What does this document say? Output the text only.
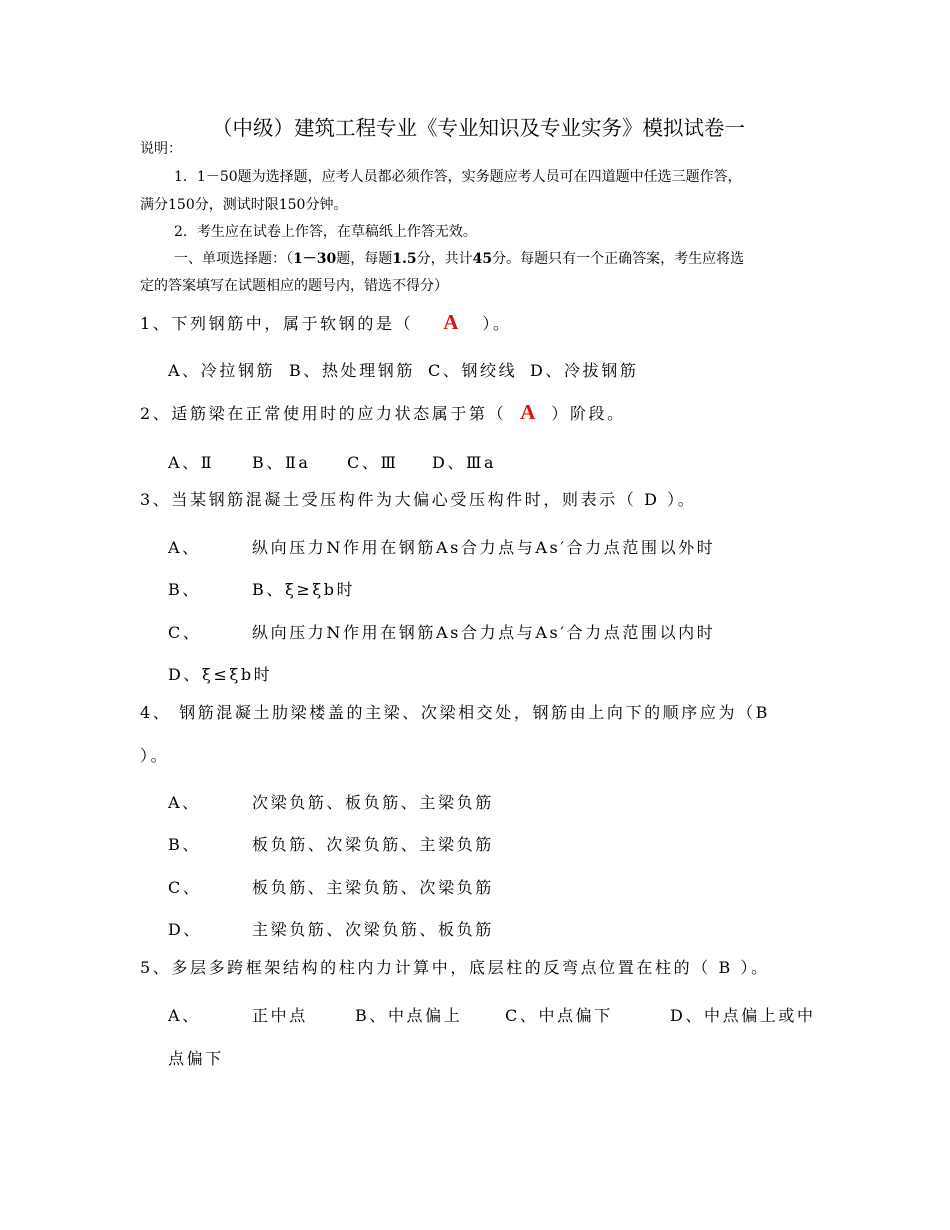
（中级）建筑工程专业《专业知识及专业实务》模拟试卷一
说明：
1．1－50题为选择题，应考人员都必须作答，实务题应考人员可在四道题中任选三题作答，
满分150分，测试时限150分钟。
2．考生应在试卷上作答，在草稿纸上作答无效。
一、单项选择题：（1－30题，每题1.5分，共计45分。每题只有一个正确答案，考生应将选
定的答案填写在试题相应的题号内，错选不得分）
1、下列钢筋中，属于软钢的是（ A ）。
A、冷拉钢筋 B、热处理钢筋 C、钢绞线 D、冷拔钢筋
2、适筋梁在正常使用时的应力状态属于第（ A ）阶段。
A、Ⅱ B、Ⅱa C、Ⅲ D、Ⅲa
3、当某钢筋混凝土受压构件为大偏心受压构件时，则表示（ D ）。
A、	纵向压力N作用在钢筋As合力点与As′合力点范围以外时
B、	B、ξ≥ξb时
C、	纵向压力N作用在钢筋As合力点与As′合力点范围以内时
D、ξ≤ξb时
4、 钢筋混凝土肋梁楼盖的主梁、次梁相交处，钢筋由上向下的顺序应为（B
）。
A、	次梁负筋、板负筋、主梁负筋
B、	板负筋、次梁负筋、主梁负筋
C、	板负筋、主梁负筋、次梁负筋
D、	主梁负筋、次梁负筋、板负筋
5、多层多跨框架结构的柱内力计算中，底层柱的反弯点位置在柱的（ B ）。
A、	正中点	B、中点偏上	C、中点偏下	D、中点偏上或中
点偏下
